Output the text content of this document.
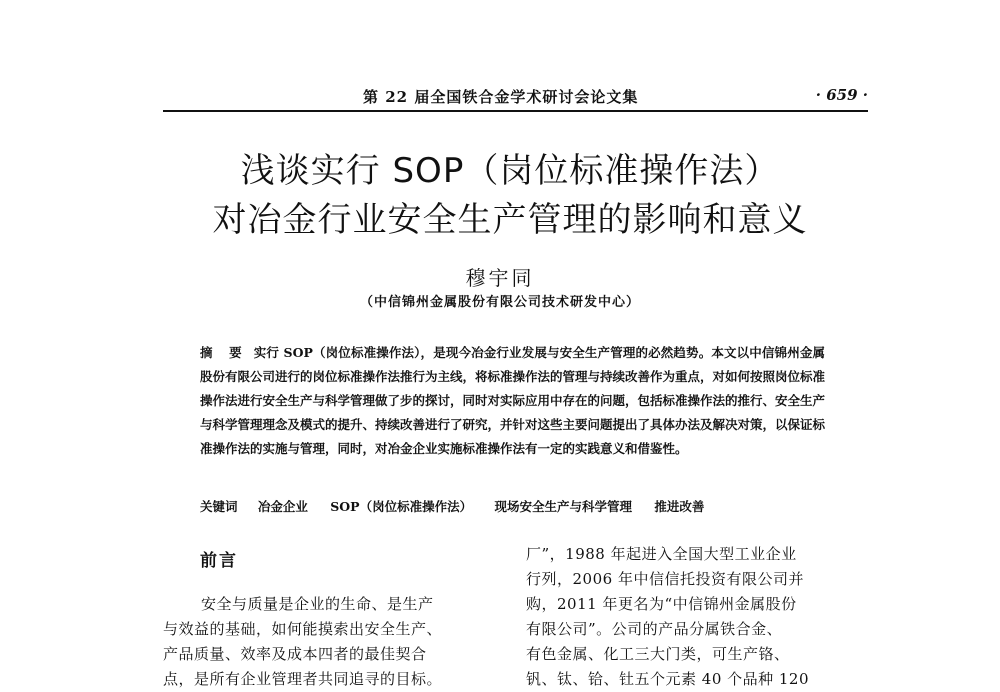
第 22 届全国铁合金学术研讨会论文集	· 659 ·
浅谈实行 SOP（岗位标准操作法）
对冶金行业安全生产管理的影响和意义
穆宇同
（中信锦州金属股份有限公司技术研发中心）
摘 要 实行 SOP（岗位标准操作法），是现今冶金行业发展与安全生产管理的必然趋势。本文以中信锦州金属股份有限公司进行的岗位标准操作法推行为主线，将标准操作法的管理与持续改善作为重点，对如何按照岗位标准操作法进行安全生产与科学管理做了步的探讨，同时对实际应用中存在的问题，包括标准操作法的推行、安全生产与科学管理理念及模式的提升、持续改善进行了研究，并针对这些主要问题提出了具体办法及解决对策，以保证标准操作法的实施与管理，同时，对冶金企业实施标准操作法有一定的实践意义和借鉴性。
关键词 冶金企业 SOP（岗位标准操作法） 现场安全生产与科学管理 推进改善
前言
安全与质量是企业的生命、是生产
与效益的基础，如何能摸索出安全生产、
产品质量、效率及成本四者的最佳契合
点，是所有企业管理者共同追寻的目标。
厂”，1988 年起进入全国大型工业企业
行列，2006 年中信信托投资有限公司并
购，2011 年更名为“中信锦州金属股份
有限公司”。公司的产品分属铁合金、
有色金属、化工三大门类，可生产铬、
钒、钛、铪、钍五个元素 40 个品种 120
